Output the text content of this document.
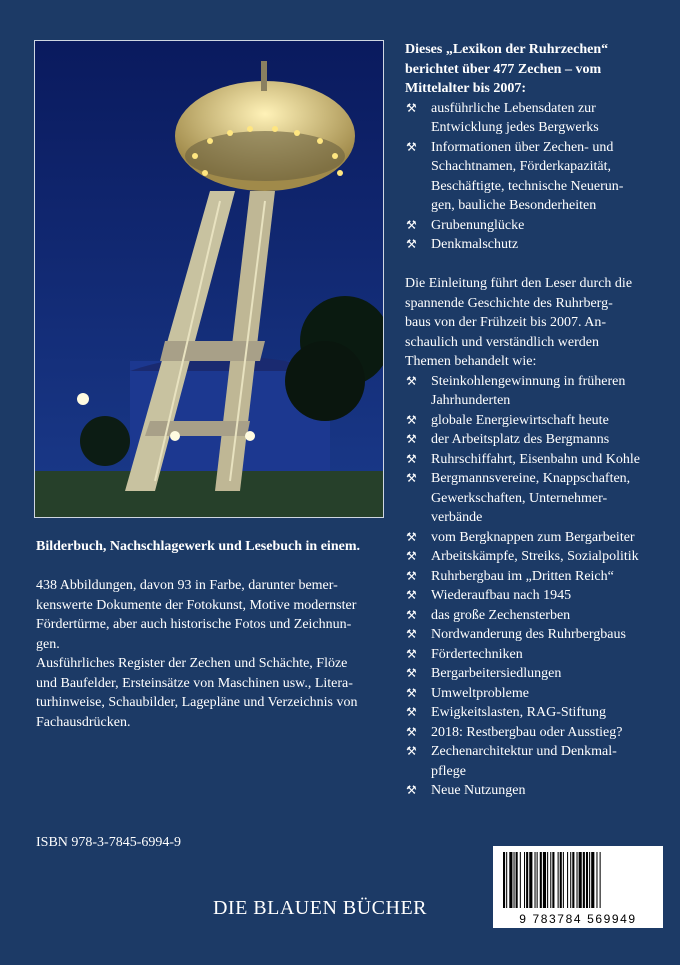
Bilderbuch, Nachschlagewerk und Lesebuch in einem.
438 Abbildungen, davon 93 in Farbe, darunter bemer-
kenswerte Dokumente der Fotokunst, Motive modernster
Fördertürme, aber auch historische Fotos und Zeichnun-
gen.
Ausführliches Register der Zechen und Schächte, Flöze
und Baufelder, Ersteinsätze von Maschinen usw., Litera-
turhinweise, Schaubilder, Lagepläne und Verzeichnis von
Fachausdrücken.
ISBN 978-3-7845-6994-9
DIE BLAUEN BÜCHER
Dieses „Lexikon der Ruhrzechen“
berichtet über 477 Zechen – vom
Mittelalter bis 2007:
⚒ ausführliche Lebensdaten zur
Entwicklung jedes Bergwerks
⚒ Informationen über Zechen- und
Schachtnamen, Förderkapazität,
Beschäftigte, technische Neuerun-
gen, bauliche Besonderheiten
⚒ Grubenunglücke
⚒ Denkmalschutz
Die Einleitung führt den Leser durch die
spannende Geschichte des Ruhrberg-
baus von der Frühzeit bis 2007. An-
schaulich und verständlich werden
Themen behandelt wie:
⚒ Steinkohlengewinnung in früheren
Jahrhunderten
⚒ globale Energiewirtschaft heute
⚒ der Arbeitsplatz des Bergmanns
⚒ Ruhrschiffahrt, Eisenbahn und Kohle
⚒ Bergmannsvereine, Knappschaften,
Gewerkschaften, Unternehmer-
verbände
⚒ vom Bergknappen zum Bergarbeiter
⚒ Arbeitskämpfe, Streiks, Sozialpolitik
⚒ Ruhrbergbau im „Dritten Reich“
⚒ Wiederaufbau nach 1945
⚒ das große Zechensterben
⚒ Nordwanderung des Ruhrbergbaus
⚒ Fördertechniken
⚒ Bergarbeitersiedlungen
⚒ Umweltprobleme
⚒ Ewigkeitslasten, RAG-Stiftung
⚒ 2018: Restbergbau oder Ausstieg?
⚒ Zechenarchitektur und Denkmal-
pflege
⚒ Neue Nutzungen
9 783784 569949
